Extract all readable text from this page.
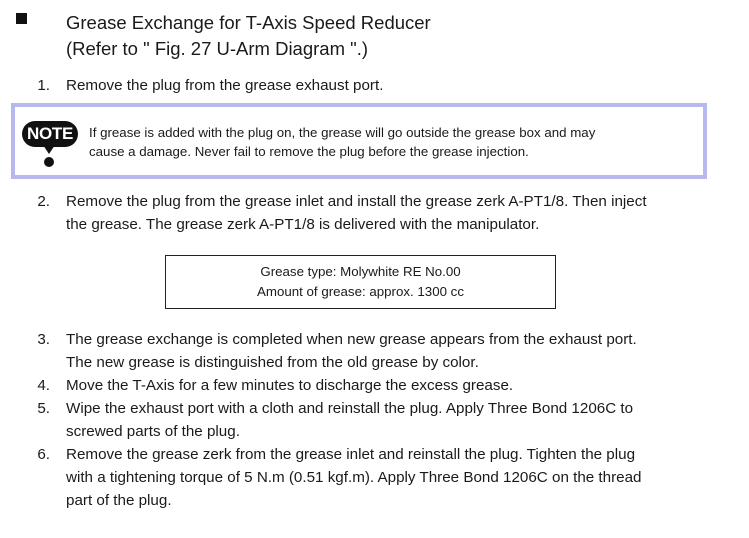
Grease Exchange for T-Axis Speed Reducer
(Refer to " Fig. 27 U-Arm Diagram ".)
1. Remove the plug from the grease exhaust port.
NOTE	If grease is added with the plug on, the grease will go outside the grease box and may
cause a damage. Never fail to remove the plug before the grease injection.
2. Remove the plug from the grease inlet and install the grease zerk A-PT1/8. Then inject
the grease. The grease zerk A-PT1/8 is delivered with the manipulator.
Grease type: Molywhite RE No.00
Amount of grease: approx. 1300 cc
3. The grease exchange is completed when new grease appears from the exhaust port.
The new grease is distinguished from the old grease by color.
4. Move the T-Axis for a few minutes to discharge the excess grease.
5. Wipe the exhaust port with a cloth and reinstall the plug. Apply Three Bond 1206C to
screwed parts of the plug.
6. Remove the grease zerk from the grease inlet and reinstall the plug. Tighten the plug
with a tightening torque of 5 N.m (0.51 kgf.m). Apply Three Bond 1206C on the thread
part of the plug.
